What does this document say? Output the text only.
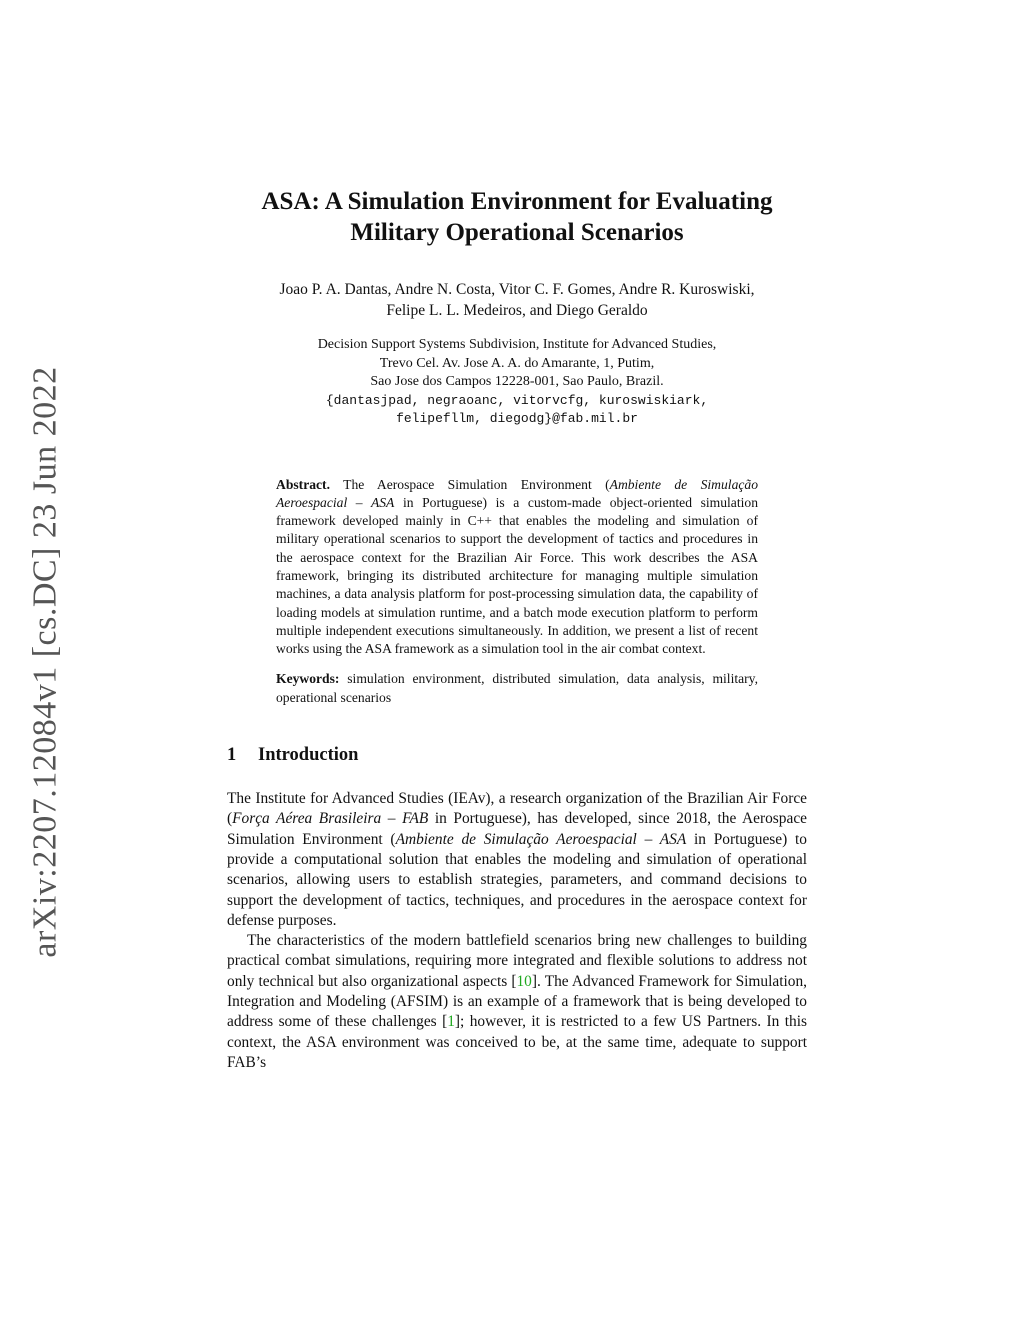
arXiv:2207.12084v1 [cs.DC] 23 Jun 2022
ASA: A Simulation Environment for Evaluating
Military Operational Scenarios
Joao P. A. Dantas, Andre N. Costa, Vitor C. F. Gomes, Andre R. Kuroswiski,
Felipe L. L. Medeiros, and Diego Geraldo
Decision Support Systems Subdivision, Institute for Advanced Studies,
Trevo Cel. Av. Jose A. A. do Amarante, 1, Putim,
Sao Jose dos Campos 12228-001, Sao Paulo, Brazil.
{dantasjpad, negraoanc, vitorvcfg, kuroswiskiark,
felipefllm, diegodg}@fab.mil.br
Abstract. The Aerospace Simulation Environment (Ambiente de Simulação Aeroespacial – ASA in Portuguese) is a custom-made object-oriented simulation framework developed mainly in C++ that enables the modeling and simulation of military operational scenarios to support the development of tactics and procedures in the aerospace context for the Brazilian Air Force. This work describes the ASA framework, bringing its distributed architecture for managing multiple simulation machines, a data analysis platform for post-processing simulation data, the capability of loading models at simulation runtime, and a batch mode execution platform to perform multiple independent executions simultaneously. In addition, we present a list of recent works using the ASA framework as a simulation tool in the air combat context.
Keywords: simulation environment, distributed simulation, data analysis, military, operational scenarios
1 Introduction

The Institute for Advanced Studies (IEAv), a research organization of the Brazilian Air Force (Força Aérea Brasileira – FAB in Portuguese), has developed, since 2018, the Aerospace Simulation Environment (Ambiente de Simulação Aeroespacial – ASA in Portuguese) to provide a computational solution that enables the modeling and simulation of operational scenarios, allowing users to establish strategies, parameters, and command decisions to support the development of tactics, techniques, and procedures in the aerospace context for defense purposes.

The characteristics of the modern battlefield scenarios bring new challenges to building practical combat simulations, requiring more integrated and flexible solutions to address not only technical but also organizational aspects [10]. The Advanced Framework for Simulation, Integration and Modeling (AFSIM) is an example of a framework that is being developed to address some of these challenges [1]; however, it is restricted to a few US Partners. In this context, the ASA environment was conceived to be, at the same time, adequate to support FAB’s
